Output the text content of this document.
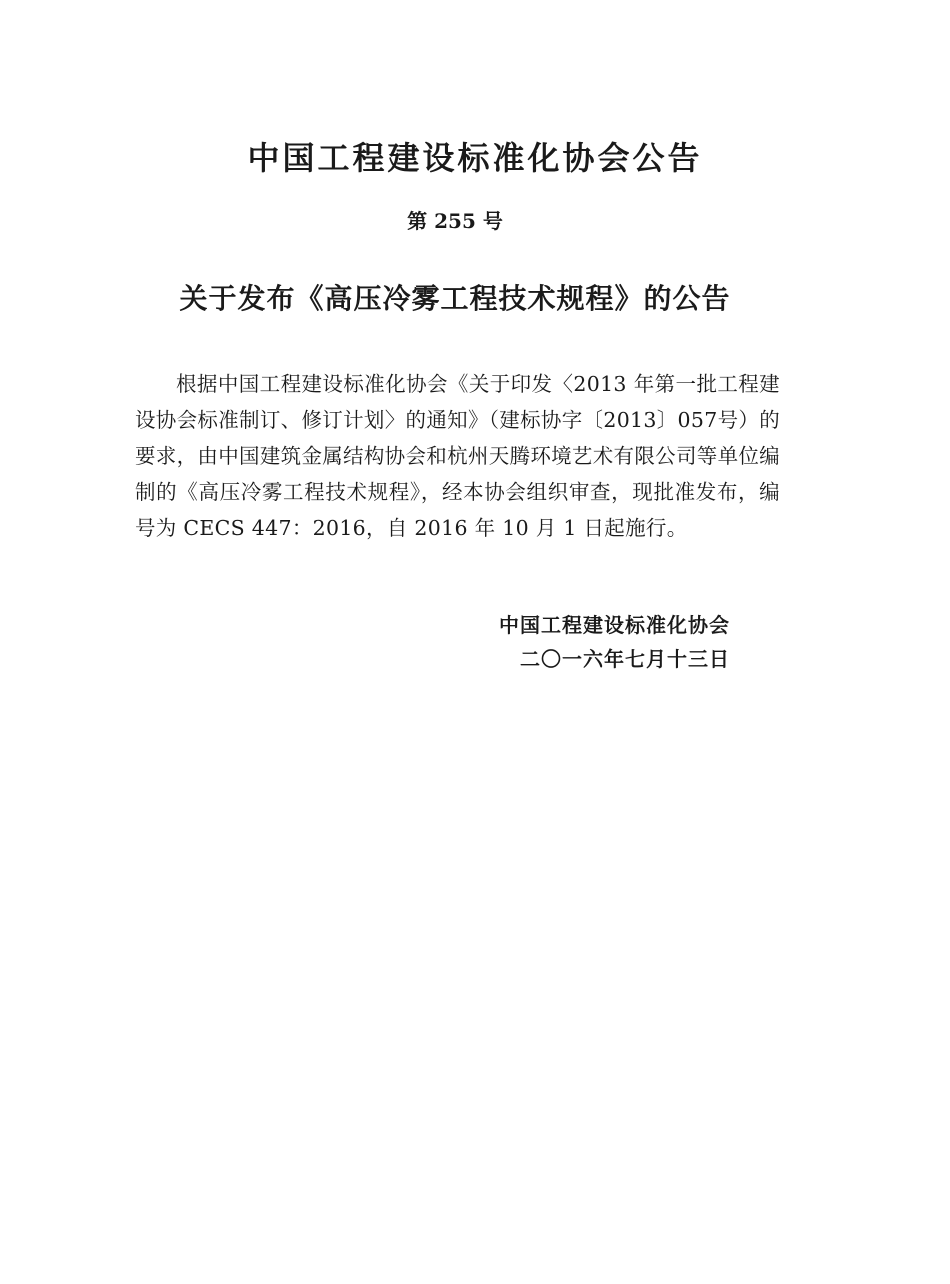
中国工程建设标准化协会公告
第 255 号
关于发布《高压冷雾工程技术规程》的公告

根据中国工程建设标准化协会《关于印发〈2013 年第一批工程建设协会标准制订、修订计划〉的通知》（建标协字〔2013〕057号）的要求，由中国建筑金属结构协会和杭州天腾环境艺术有限公司等单位编制的《高压冷雾工程技术规程》，经本协会组织审查，现批准发布，编号为 CECS 447：2016，自 2016 年 10 月 1 日起施行。

中国工程建设标准化协会
二〇一六年七月十三日
